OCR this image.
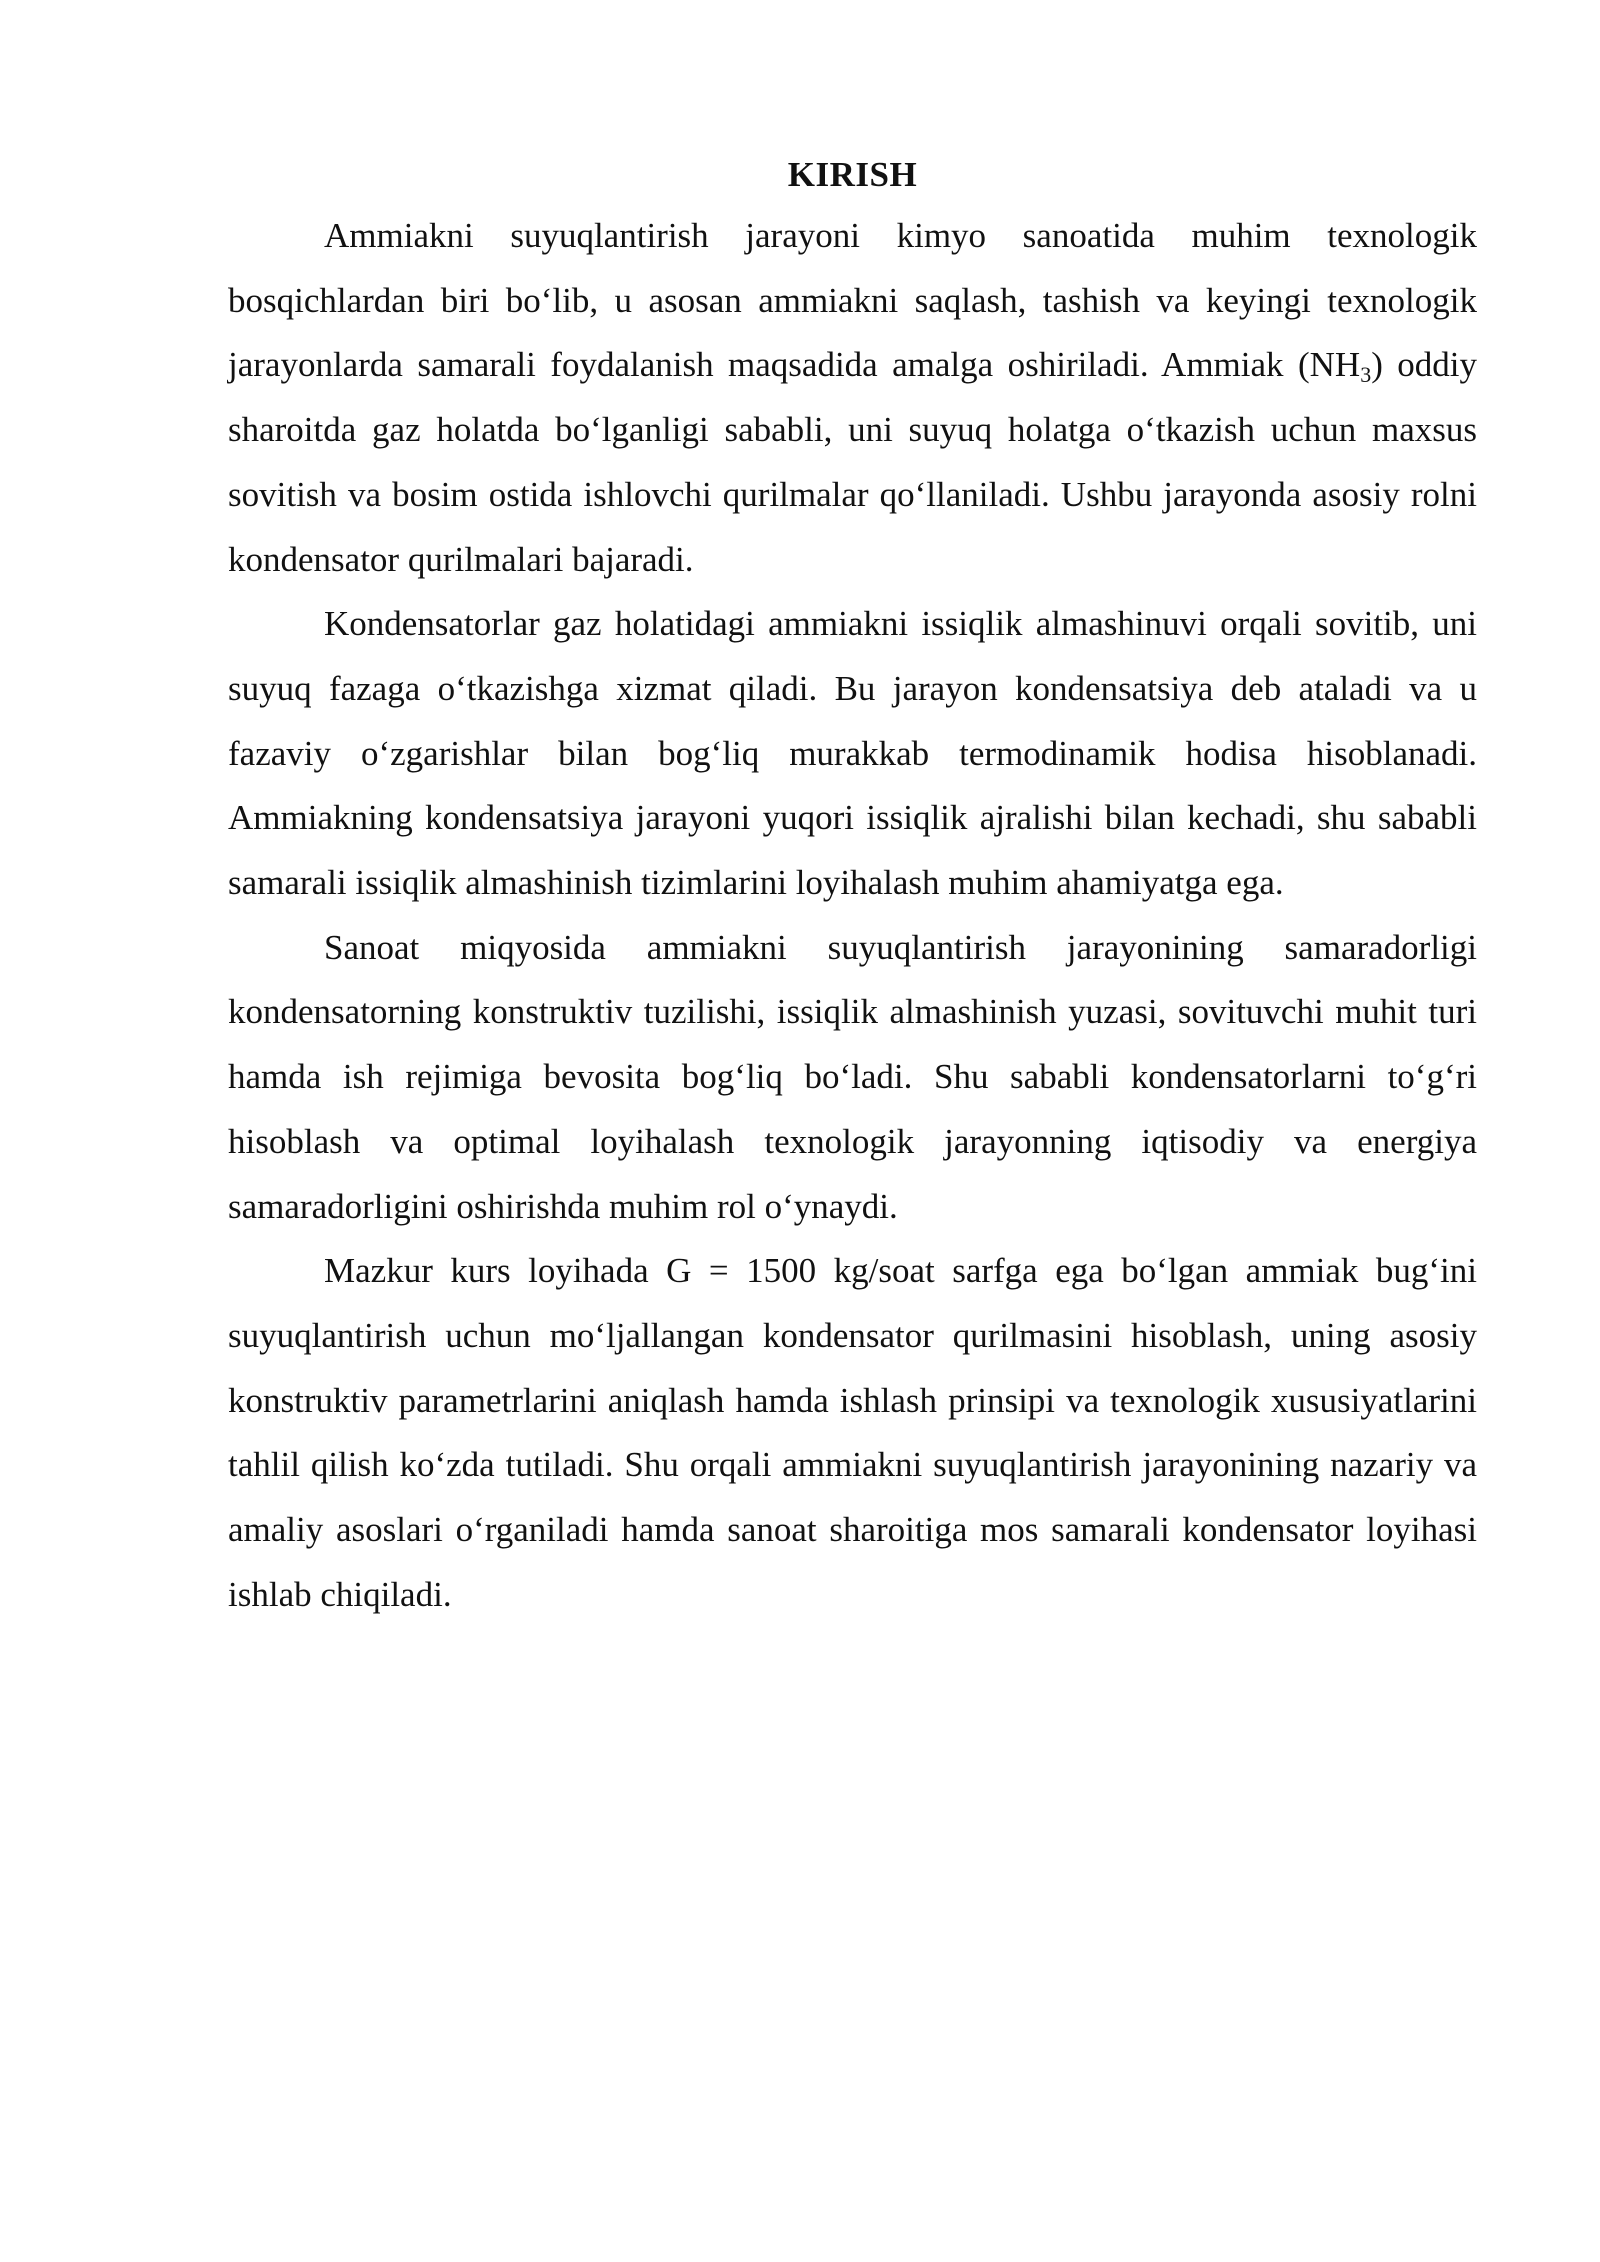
KIRISH

Ammiakni suyuqlantirish jarayoni kimyo sanoatida muhim texnologik bosqichlardan biri bo‘lib, u asosan ammiakni saqlash, tashish va keyingi texnologik jarayonlarda samarali foydalanish maqsadida amalga oshiriladi. Ammiak $(NH_3)$ oddiy sharoitda gaz holatda bo‘lganligi sababli, uni suyuq holatga o‘tkazish uchun maxsus sovitish va bosim ostida ishlovchi qurilmalar qo‘llaniladi. Ushbu jarayonda asosiy rolni kondensator qurilmalari bajaradi.

Kondensatorlar gaz holatidagi ammiakni issiqlik almashinuvi orqali sovitib, uni suyuq fazaga o‘tkazishga xizmat qiladi. Bu jarayon kondensatsiya deb ataladi va u fazaviy o‘zgarishlar bilan bog‘liq murakkab termodinamik hodisa hisoblanadi. Ammiakning kondensatsiya jarayoni yuqori issiqlik ajralishi bilan kechadi, shu sababli samarali issiqlik almashinish tizimlarini loyihalash muhim ahamiyatga ega.

Sanoat miqyosida ammiakni suyuqlantirish jarayonining samaradorligi kondensatorning konstruktiv tuzilishi, issiqlik almashinish yuzasi, sovituvchi muhit turi hamda ish rejimiga bevosita bog‘liq bo‘ladi. Shu sababli kondensatorlarni to‘g‘ri hisoblash va optimal loyihalash texnologik jarayonning iqtisodiy va energiya samaradorligini oshirishda muhim rol o‘ynaydi.

Mazkur kurs loyihada G = 1500 kg/soat sarfga ega bo‘lgan ammiak bug‘ini suyuqlantirish uchun mo‘ljallangan kondensator qurilmasini hisoblash, uning asosiy konstruktiv parametrlarini aniqlash hamda ishlash prinsipi va texnologik xususiyatlarini tahlil qilish ko‘zda tutiladi. Shu orqali ammiakni suyuqlantirish jarayonining nazariy va amaliy asoslari o‘rganiladi hamda sanoat sharoitiga mos samarali kondensator loyihasi ishlab chiqiladi.
